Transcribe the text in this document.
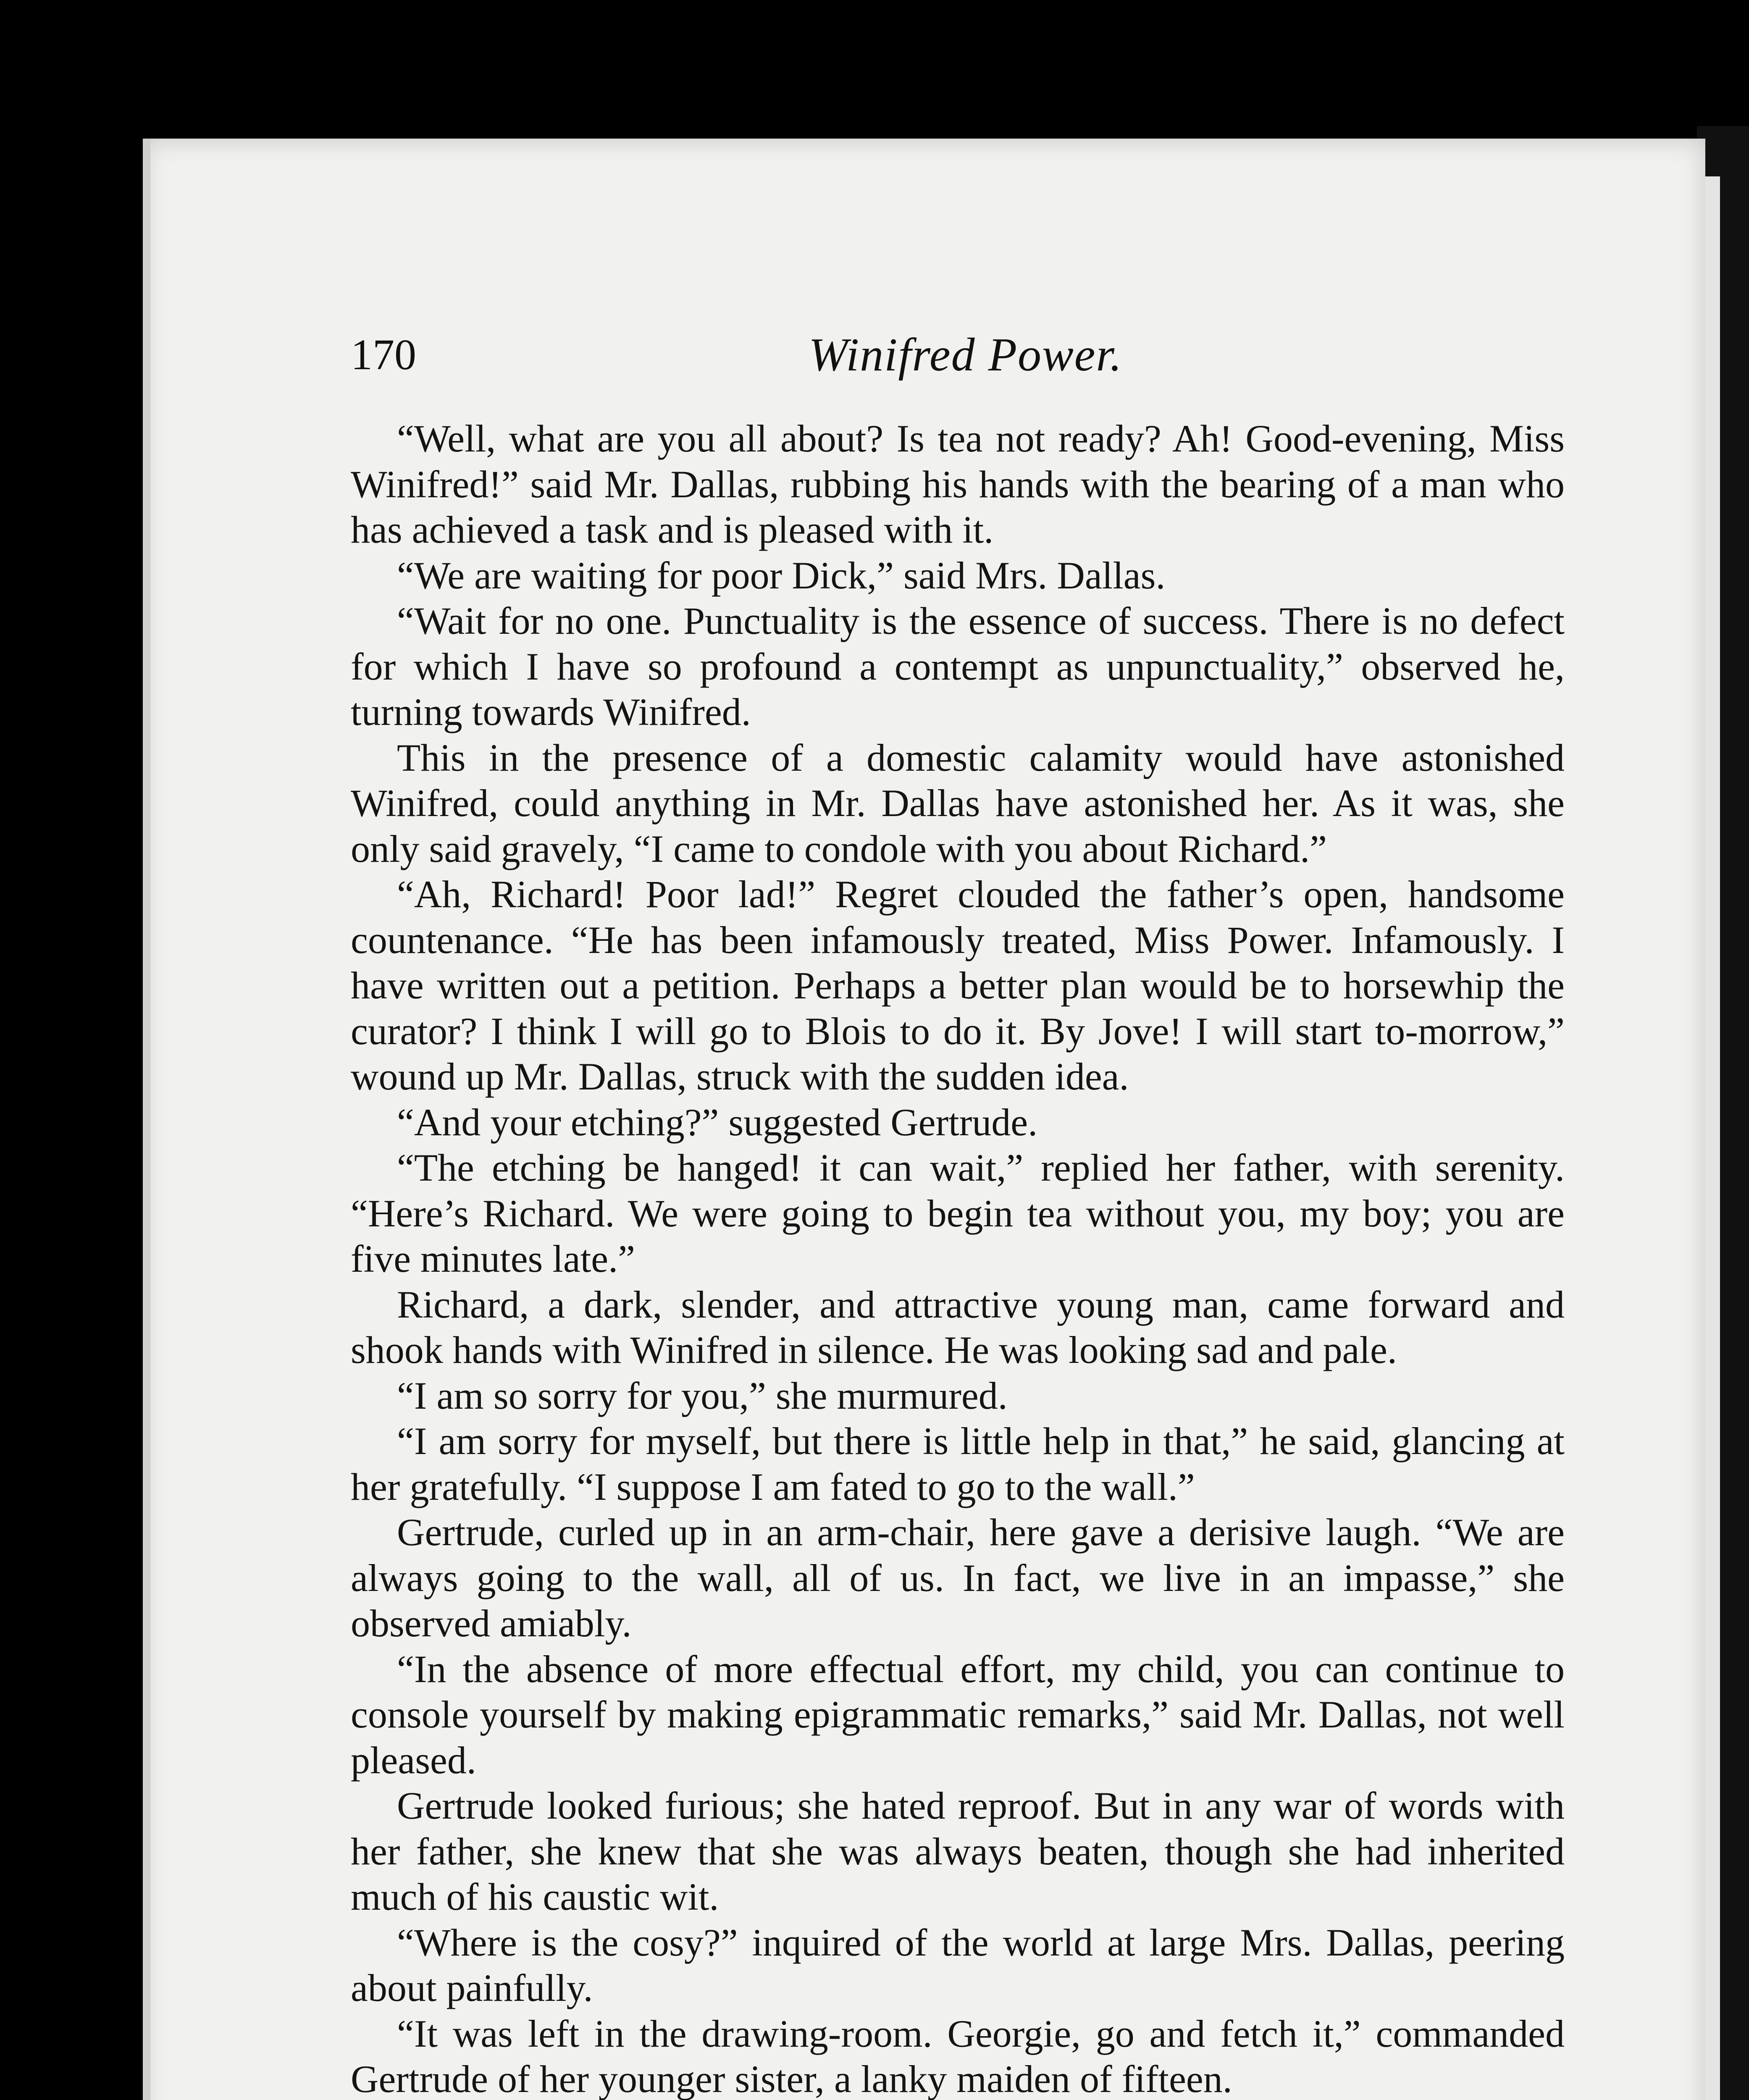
170	Winifred Power.

“Well, what are you all about? Is tea not ready? Ah! Good-evening, Miss Winifred!” said Mr. Dallas, rubbing his hands with the bearing of a man who has achieved a task and is pleased with it.

“We are waiting for poor Dick,” said Mrs. Dallas.

“Wait for no one. Punctuality is the essence of success. There is no defect for which I have so profound a contempt as unpunctuality,” observed he, turning towards Winifred.

This in the presence of a domestic calamity would have astonished Winifred, could anything in Mr. Dallas have astonished her. As it was, she only said gravely, “I came to condole with you about Richard.”

“Ah, Richard! Poor lad!” Regret clouded the father’s open, handsome countenance. “He has been infamously treated, Miss Power. Infamously. I have written out a petition. Perhaps a better plan would be to horsewhip the curator? I think I will go to Blois to do it. By Jove! I will start to-morrow,” wound up Mr. Dallas, struck with the sudden idea.

“And your etching?” suggested Gertrude.

“The etching be hanged! it can wait,” replied her father, with serenity. “Here’s Richard. We were going to begin tea without you, my boy; you are five minutes late.”

Richard, a dark, slender, and attractive young man, came forward and shook hands with Winifred in silence. He was looking sad and pale.

“I am so sorry for you,” she murmured.

“I am sorry for myself, but there is little help in that,” he said, glancing at her gratefully. “I suppose I am fated to go to the wall.”

Gertrude, curled up in an arm-chair, here gave a derisive laugh. “We are always going to the wall, all of us. In fact, we live in an impasse,” she observed amiably.

“In the absence of more effectual effort, my child, you can continue to console yourself by making epigrammatic remarks,” said Mr. Dallas, not well pleased.

Gertrude looked furious; she hated reproof. But in any war of words with her father, she knew that she was always beaten, though she had inherited much of his caustic wit.

“Where is the cosy?” inquired of the world at large Mrs. Dallas, peering about painfully.

“It was left in the drawing-room. Georgie, go and fetch it,” commanded Gertrude of her younger sister, a lanky maiden of fifteen.
